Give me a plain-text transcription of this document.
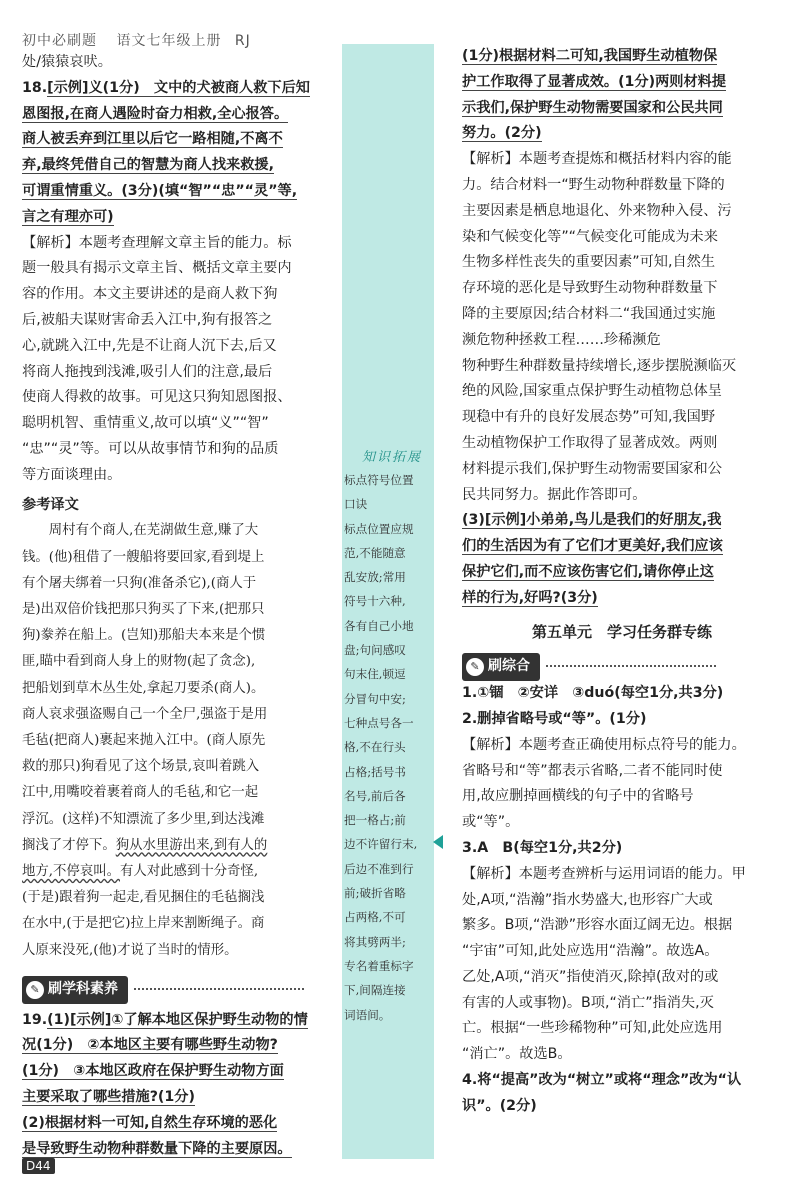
初中必刷题 语文七年级上册 RJ

处/猿猿哀吠。

18.[示例]义(1分)　文中的犬被商人救下后知

恩图报,在商人遇险时奋力相救,全心报答。

商人被丢弃到江里以后它一路相随,不离不

弃,最终凭借自己的智慧为商人找来救援,

可谓重情重义。(3分)(填“智”“忠”“灵”等,

言之有理亦可)

【解析】本题考查理解文章主旨的能力。标

题一般具有揭示文章主旨、概括文章主要内

容的作用。本文主要讲述的是商人救下狗

后,被船夫谋财害命丢入江中,狗有报答之

心,就跳入江中,先是不让商人沉下去,后又

将商人拖拽到浅滩,吸引人们的注意,最后

使商人得救的故事。可见这只狗知恩图报、

聪明机智、重情重义,故可以填“义”“智”

“忠”“灵”等。可以从故事情节和狗的品质

等方面谈理由。

参考译文

周村有个商人,在芜湖做生意,赚了大

钱。(他)租借了一艘船将要回家,看到堤上

有个屠夫绑着一只狗(准备杀它),(商人于

是)出双倍价钱把那只狗买了下来,(把那只

狗)豢养在船上。(岂知)那船夫本来是个惯

匪,瞄中看到商人身上的财物(起了贪念),

把船划到草木丛生处,拿起刀要杀(商人)。

商人哀求强盗赐自己一个全尸,强盗于是用

毛毡(把商人)裹起来抛入江中。(商人原先

救的那只)狗看见了这个场景,哀叫着跳入

江中,用嘴咬着裹着商人的毛毡,和它一起

浮沉。(这样)不知漂流了多少里,到达浅滩

搁浅了才停下。狗从水里游出来,到有人的

地方,不停哀叫。有人对此感到十分奇怪,

(于是)跟着狗一起走,看见捆住的毛毡搁浅

在水中,(于是把它)拉上岸来割断绳子。商

人原来没死,(他)才说了当时的情形。

✎ 刷学科素养

19.(1)[示例]①了解本地区保护野生动物的情

况(1分)　②本地区主要有哪些野生动物?

(1分)　③本地区政府在保护野生动物方面

主要采取了哪些措施?(1分)

(2)根据材料一可知,自然生存环境的恶化

是导致野生动物种群数量下降的主要原因。

知识拓展

标点符号位置

口诀

标点位置应规

范,不能随意

乱安放;常用

符号十六种,

各有自己小地

盘;句问感叹

句末住,顿逗

分冒句中安;

七种点号各一

格,不在行头

占格;括号书

名号,前后各

把一格占;前

边不许留行末,

后边不准到行

前;破折省略

占两格,不可

将其劈两半;

专名着重标字

下,间隔连接

词语间。

(1分)根据材料二可知,我国野生动植物保

护工作取得了显著成效。(1分)两则材料提

示我们,保护野生动物需要国家和公民共同

努力。(2分)

【解析】本题考查提炼和概括材料内容的能

力。结合材料一“野生动物种群数量下降的

主要因素是栖息地退化、外来物种入侵、污

染和气候变化等”“气候变化可能成为未来

生物多样性丧失的重要因素”可知,自然生

存环境的恶化是导致野生动物种群数量下

降的主要原因;结合材料二“我国通过实施

濒危物种拯救工程……珍稀濒危

物种野生种群数量持续增长,逐步摆脱濒临灭

绝的风险,国家重点保护野生动植物总体呈

现稳中有升的良好发展态势”可知,我国野

生动植物保护工作取得了显著成效。两则

材料提示我们,保护野生动物需要国家和公

民共同努力。据此作答即可。

(3)[示例]小弟弟,鸟儿是我们的好朋友,我

们的生活因为有了它们才更美好,我们应该

保护它们,而不应该伤害它们,请你停止这

样的行为,好吗?(3分)

第五单元　学习任务群专练

✎ 刷综合

1.①锢　②安详　③duó(每空1分,共3分)

2.删掉省略号或“等”。(1分)

【解析】本题考查正确使用标点符号的能力。

省略号和“等”都表示省略,二者不能同时使

用,故应删掉画横线的句子中的省略号

或“等”。

3.A　B(每空1分,共2分)

【解析】本题考查辨析与运用词语的能力。甲

处,A项,“浩瀚”指水势盛大,也形容广大或

繁多。B项,“浩渺”形容水面辽阔无边。根据

“宇宙”可知,此处应选用“浩瀚”。故选A。

乙处,A项,“消灭”指使消灭,除掉(敌对的或

有害的人或事物)。B项,“消亡”指消失,灭

亡。根据“一些珍稀物种”可知,此处应选用

“消亡”。故选B。

4.将“提高”改为“树立”或将“理念”改为“认

识”。(2分)

D44
